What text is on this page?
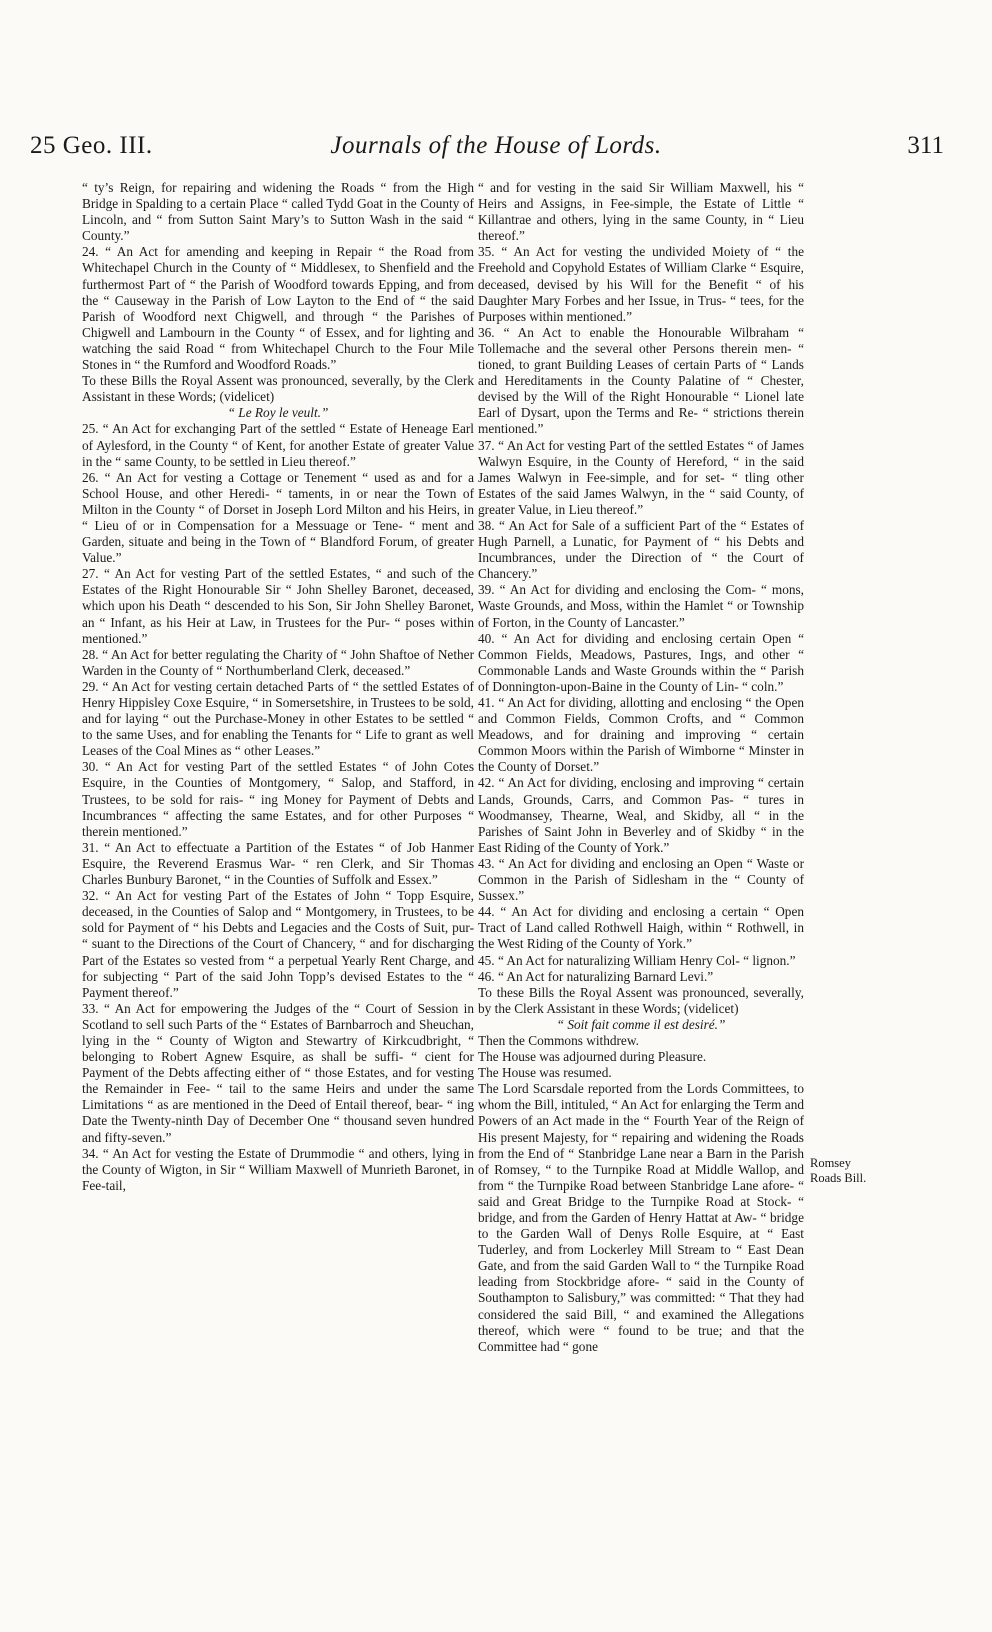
25 Geo. III.	Journals of the House of Lords.	311

“ ty’s Reign, for repairing and widening the Roads “ from the High Bridge in Spalding to a certain Place “ called Tydd Goat in the County of Lincoln, and “ from Sutton Saint Mary’s to Sutton Wash in the said “ County.”

24. “ An Act for amending and keeping in Repair “ the Road from Whitechapel Church in the County of “ Middlesex, to Shenfield and the furthermost Part of “ the Parish of Woodford towards Epping, and from the “ Causeway in the Parish of Low Layton to the End of “ the said Parish of Woodford next Chigwell, and through “ the Parishes of Chigwell and Lambourn in the County “ of Essex, and for lighting and watching the said Road “ from Whitechapel Church to the Four Mile Stones in “ the Rumford and Woodford Roads.”

To these Bills the Royal Assent was pronounced, severally, by the Clerk Assistant in these Words; (videlicet)

“ Le Roy le veult.”

25. “ An Act for exchanging Part of the settled “ Estate of Heneage Earl of Aylesford, in the County “ of Kent, for another Estate of greater Value in the “ same County, to be settled in Lieu thereof.”

26. “ An Act for vesting a Cottage or Tenement “ used as and for a School House, and other Heredi- “ taments, in or near the Town of Milton in the County “ of Dorset in Joseph Lord Milton and his Heirs, in “ Lieu of or in Compensation for a Messuage or Tene- “ ment and Garden, situate and being in the Town of “ Blandford Forum, of greater Value.”

27. “ An Act for vesting Part of the settled Estates, “ and such of the Estates of the Right Honourable Sir “ John Shelley Baronet, deceased, which upon his Death “ descended to his Son, Sir John Shelley Baronet, an “ Infant, as his Heir at Law, in Trustees for the Pur- “ poses within mentioned.”

28. “ An Act for better regulating the Charity of “ John Shaftoe of Nether Warden in the County of “ Northumberland Clerk, deceased.”

29. “ An Act for vesting certain detached Parts of “ the settled Estates of Henry Hippisley Coxe Esquire, “ in Somersetshire, in Trustees to be sold, and for laying “ out the Purchase-Money in other Estates to be settled “ to the same Uses, and for enabling the Tenants for “ Life to grant as well Leases of the Coal Mines as “ other Leases.”

30. “ An Act for vesting Part of the settled Estates “ of John Cotes Esquire, in the Counties of Montgomery, “ Salop, and Stafford, in Trustees, to be sold for rais- “ ing Money for Payment of Debts and Incumbrances “ affecting the same Estates, and for other Purposes “ therein mentioned.”

31. “ An Act to effectuate a Partition of the Estates “ of Job Hanmer Esquire, the Reverend Erasmus War- “ ren Clerk, and Sir Thomas Charles Bunbury Baronet, “ in the Counties of Suffolk and Essex.”

32. “ An Act for vesting Part of the Estates of John “ Topp Esquire, deceased, in the Counties of Salop and “ Montgomery, in Trustees, to be sold for Payment of “ his Debts and Legacies and the Costs of Suit, pur- “ suant to the Directions of the Court of Chancery, “ and for discharging Part of the Estates so vested from “ a perpetual Yearly Rent Charge, and for subjecting “ Part of the said John Topp’s devised Estates to the “ Payment thereof.”

33. “ An Act for empowering the Judges of the “ Court of Session in Scotland to sell such Parts of the “ Estates of Barnbarroch and Sheuchan, lying in the “ County of Wigton and Stewartry of Kirkcudbright, “ belonging to Robert Agnew Esquire, as shall be suffi- “ cient for Payment of the Debts affecting either of “ those Estates, and for vesting the Remainder in Fee- “ tail to the same Heirs and under the same Limitations “ as are mentioned in the Deed of Entail thereof, bear- “ ing Date the Twenty-ninth Day of December One “ thousand seven hundred and fifty-seven.”

34. “ An Act for vesting the Estate of Drummodie “ and others, lying in the County of Wigton, in Sir “ William Maxwell of Munrieth Baronet, in Fee-tail,

“ and for vesting in the said Sir William Maxwell, his “ Heirs and Assigns, in Fee-simple, the Estate of Little “ Killantrae and others, lying in the same County, in “ Lieu thereof.”

35. “ An Act for vesting the undivided Moiety of “ the Freehold and Copyhold Estates of William Clarke “ Esquire, deceased, devised by his Will for the Benefit “ of his Daughter Mary Forbes and her Issue, in Trus- “ tees, for the Purposes within mentioned.”

36. “ An Act to enable the Honourable Wilbraham “ Tollemache and the several other Persons therein men- “ tioned, to grant Building Leases of certain Parts of “ Lands and Hereditaments in the County Palatine of “ Chester, devised by the Will of the Right Honourable “ Lionel late Earl of Dysart, upon the Terms and Re- “ strictions therein mentioned.”

37. “ An Act for vesting Part of the settled Estates “ of James Walwyn Esquire, in the County of Hereford, “ in the said James Walwyn in Fee-simple, and for set- “ tling other Estates of the said James Walwyn, in the “ said County, of greater Value, in Lieu thereof.”

38. “ An Act for Sale of a sufficient Part of the “ Estates of Hugh Parnell, a Lunatic, for Payment of “ his Debts and Incumbrances, under the Direction of “ the Court of Chancery.”

39. “ An Act for dividing and enclosing the Com- “ mons, Waste Grounds, and Moss, within the Hamlet “ or Township of Forton, in the County of Lancaster.”

40. “ An Act for dividing and enclosing certain Open “ Common Fields, Meadows, Pastures, Ings, and other “ Commonable Lands and Waste Grounds within the “ Parish of Donnington-upon-Baine in the County of Lin- “ coln.”

41. “ An Act for dividing, allotting and enclosing “ the Open and Common Fields, Common Crofts, and “ Common Meadows, and for draining and improving “ certain Common Moors within the Parish of Wimborne “ Minster in the County of Dorset.”

42. “ An Act for dividing, enclosing and improving “ certain Lands, Grounds, Carrs, and Common Pas- “ tures in Woodmansey, Thearne, Weal, and Skidby, all “ in the Parishes of Saint John in Beverley and of Skidby “ in the East Riding of the County of York.”

43. “ An Act for dividing and enclosing an Open “ Waste or Common in the Parish of Sidlesham in the “ County of Sussex.”

44. “ An Act for dividing and enclosing a certain “ Open Tract of Land called Rothwell Haigh, within “ Rothwell, in the West Riding of the County of York.”

45. “ An Act for naturalizing William Henry Col- “ lignon.”

46. “ An Act for naturalizing Barnard Levi.”

To these Bills the Royal Assent was pronounced, severally, by the Clerk Assistant in these Words; (videlicet)

“ Soit fait comme il est desiré.”

Then the Commons withdrew.

The House was adjourned during Pleasure.

The House was resumed.

The Lord Scarsdale reported from the Lords Committees, to whom the Bill, intituled, “ An Act for enlarging the Term and Powers of an Act made in the “ Fourth Year of the Reign of His present Majesty, for “ repairing and widening the Roads from the End of “ Stanbridge Lane near a Barn in the Parish of Romsey, “ to the Turnpike Road at Middle Wallop, and from “ the Turnpike Road between Stanbridge Lane afore- “ said and Great Bridge to the Turnpike Road at Stock- “ bridge, and from the Garden of Henry Hattat at Aw- “ bridge to the Garden Wall of Denys Rolle Esquire, at “ East Tuderley, and from Lockerley Mill Stream to “ East Dean Gate, and from the said Garden Wall to “ the Turnpike Road leading from Stockbridge afore- “ said in the County of Southampton to Salisbury,” was committed: “ That they had considered the said Bill, “ and examined the Allegations thereof, which were “ found to be true; and that the Committee had “ gone

Romsey Roads Bill.
